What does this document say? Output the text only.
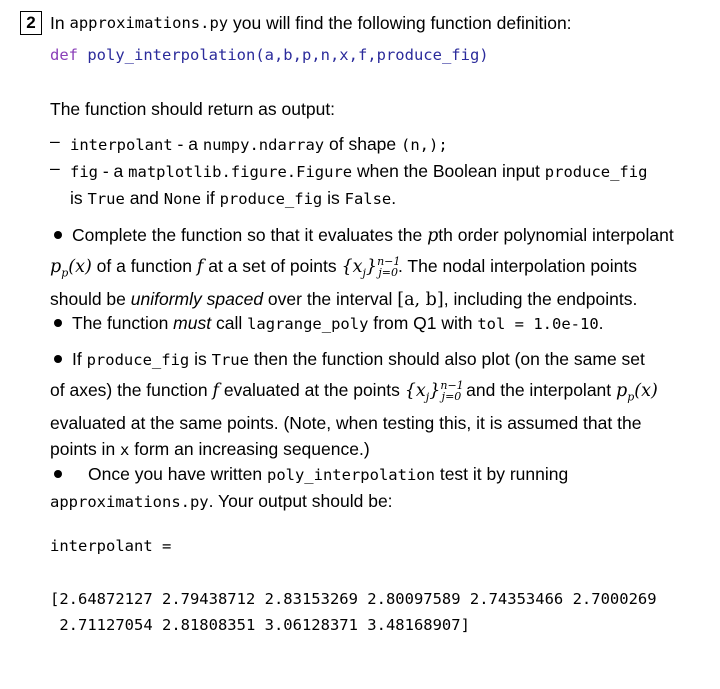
2 In
approximations.py
you will find the following function definition:
def poly_interpolation(a,b,p,n,x,f,produce_fig)
The function should return as output:
– interpolant - a numpy.ndarray of shape (n,);
– fig - a matplotlib.figure.Figure when the Boolean input produce_fig
is True and None if produce_fig is False.
Complete the function so that it evaluates the pth order polynomial interpolant
$p_p(x)$ of a function f at a set of points $\{x_j\}^{n-1}_{j=0}$. The nodal interpolation points
should be uniformly spaced over the interval [a, b], including the endpoints.
The function must call lagrange_poly from Q1 with tol = 1.0e-10.
If produce_fig is True then the function should also plot (on the same set
of axes) the function f evaluated at the points $\{x_j\}^{n-1}_{j=0}$ and the interpolant $p_p(x)$
evaluated at the same points. (Note, when testing this, it is assumed that the
points in x form an increasing sequence.)
Once you have written poly_interpolation test it by running
approximations.py. Your output should be:
interpolant =
[2.64872127 2.79438712 2.83153269 2.80097589 2.74353466 2.7000269
2.71127054 2.81808351 3.06128371 3.48168907]
